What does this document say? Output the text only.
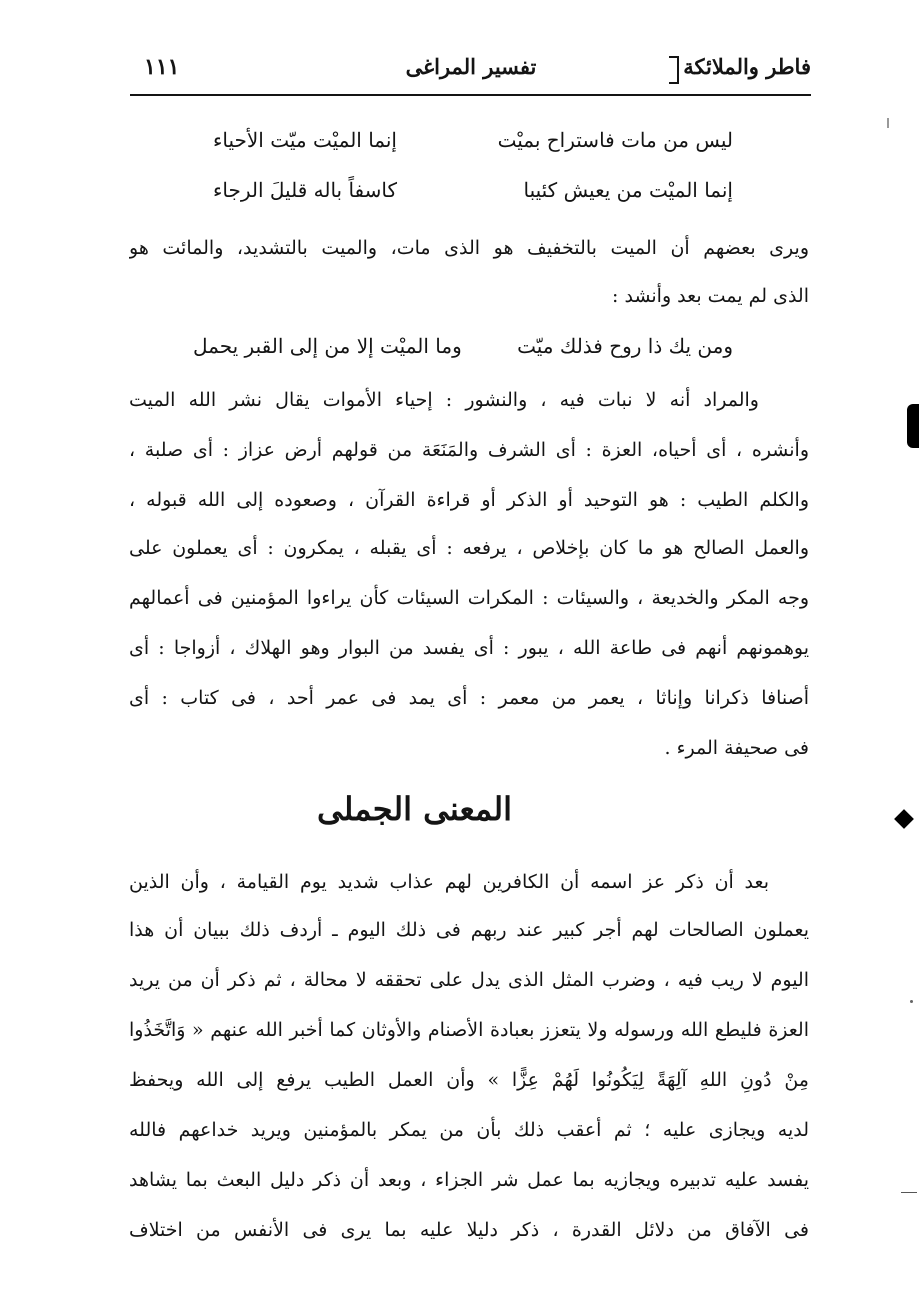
فاطر والملائكة
تفسير المراغى
١١١
ليس من مات فاستراح بميْت
إنما الميْت ميّت الأحياء
إنما الميْت من يعيش كئيبا
كاسفاً باله قليلَ الرجاء
ويرى بعضهم أن الميت بالتخفيف هو الذى مات، والميت بالتشديد، والمائت هو
الذى لم يمت بعد وأنشد :
ومن يك ذا روح فذلك ميّت
وما الميْت إلا من إلى القبر يحمل
والمراد أنه لا نبات فيه ، والنشور : إحياء الأموات يقال نشر الله الميت
وأنشره ، أى أحياه، العزة : أى الشرف والمَنَعَة من قولهم أرض عزاز : أى صلبة ،
والكلم الطيب : هو التوحيد أو الذكر أو قراءة القرآن ، وصعوده إلى الله قبوله ،
والعمل الصالح هو ما كان بإخلاص ، يرفعه : أى يقبله ، يمكرون : أى يعملون على
وجه المكر والخديعة ، والسيئات : المكرات السيئات كأن يراءوا المؤمنين فى أعمالهم
يوهمونهم أنهم فى طاعة الله ، يبور : أى يفسد من البوار وهو الهلاك ، أزواجا : أى
أصنافا ذكرانا وإناثا ، يعمر من معمر : أى يمد فى عمر أحد ، فى كتاب : أى
فى صحيفة المرء .
المعنى الجملى
بعد أن ذكر عز اسمه أن الكافرين لهم عذاب شديد يوم القيامة ، وأن الذين
يعملون الصالحات لهم أجر كبير عند ربهم فى ذلك اليوم ـ أردف ذلك ببيان أن هذا
اليوم لا ريب فيه ، وضرب المثل الذى يدل على تحققه لا محالة ، ثم ذكر أن من يريد
العزة فليطع الله ورسوله ولا يتعزز بعبادة الأصنام والأوثان كما أخبر الله عنهم « وَاتَّخَذُوا
مِنْ دُونِ اللهِ آلِهَةً لِيَكُونُوا لَهُمْ عِزًّا » وأن العمل الطيب يرفع إلى الله ويحفظ
لديه ويجازى عليه ؛ ثم أعقب ذلك بأن من يمكر بالمؤمنين ويريد خداعهم فالله
يفسد عليه تدبيره ويجازيه بما عمل شر الجزاء ، وبعد أن ذكر دليل البعث بما يشاهد
فى الآفاق من دلائل القدرة ، ذكر دليلا عليه بما يرى فى الأنفس من اختلاف
